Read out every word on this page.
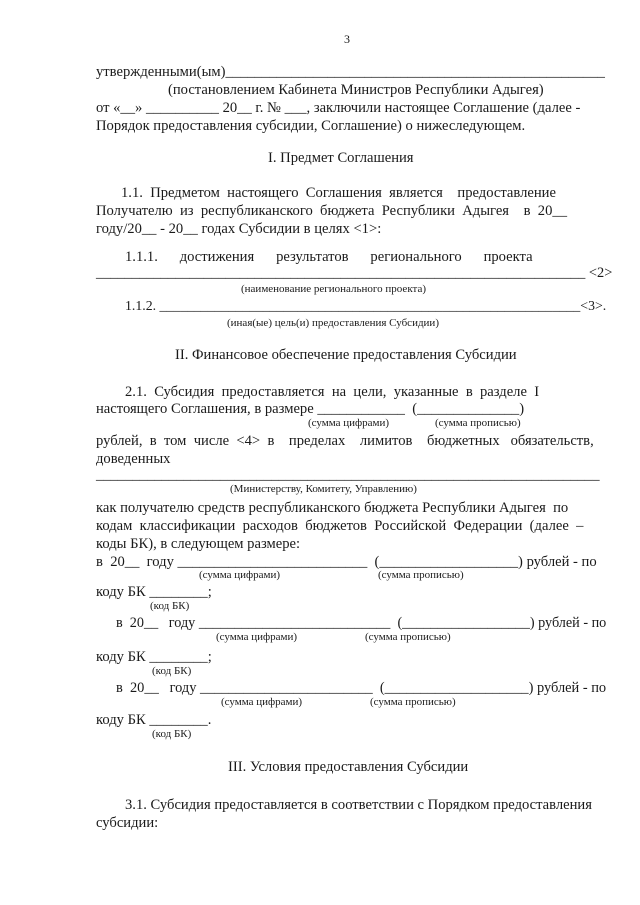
3
утвержденными(ым)____________________________________________________
(постановлением Кабинета Министров Республики Адыгея)
от «__» __________ 20__ г. № ___, заключили настоящее Соглашение (далее -
Порядок предоставления субсидии, Соглашение) о нижеследующем.
I. Предмет Соглашения
1.1.  Предметом  настоящего  Соглашения  является    предоставление
Получателю  из  республиканского  бюджета  Республики  Адыгея    в  20__
году/20__ - 20__ годах Субсидии в целях <1>:
1.1.1.      достижения      результатов      регионального      проекта
____________________________________________________________________ <2>
(наименование регионального проекта)
1.1.2. _____________________________________________________________<3>.
(иная(ые) цель(и) предоставления Субсидии)
II. Финансовое обеспечение предоставления Субсидии
2.1.  Субсидия  предоставляется  на  цели,  указанные  в  разделе  I
настоящего Соглашения, в размере ____________  (______________)
(сумма цифрами)	(сумма прописью)
рублей,  в  том  числе  <4>  в    пределах    лимитов    бюджетных   обязательств,
доведенных
_____________________________________________________________________
(Министерству, Комитету, Управлению)
как получателю средств республиканского бюджета Республики Адыгея  по
кодам  классификации  расходов  бюджетов  Российской  Федерации  (далее  –
коды БК), в следующем размере:
в  20__  году __________________________  (___________________) рублей - по
(сумма цифрами)	(сумма прописью)
коду БК ________;
(код БК)
в  20__   году ___________________________  (__________________) рублей - по
(сумма цифрами)	(сумма прописью)
коду БК ________;
(код БК)
в  20__   году ________________________  (____________________) рублей - по
(сумма цифрами)	(сумма прописью)
коду БК ________.
(код БК)
III. Условия предоставления Субсидии
3.1. Субсидия предоставляется в соответствии с Порядком предоставления
субсидии:
